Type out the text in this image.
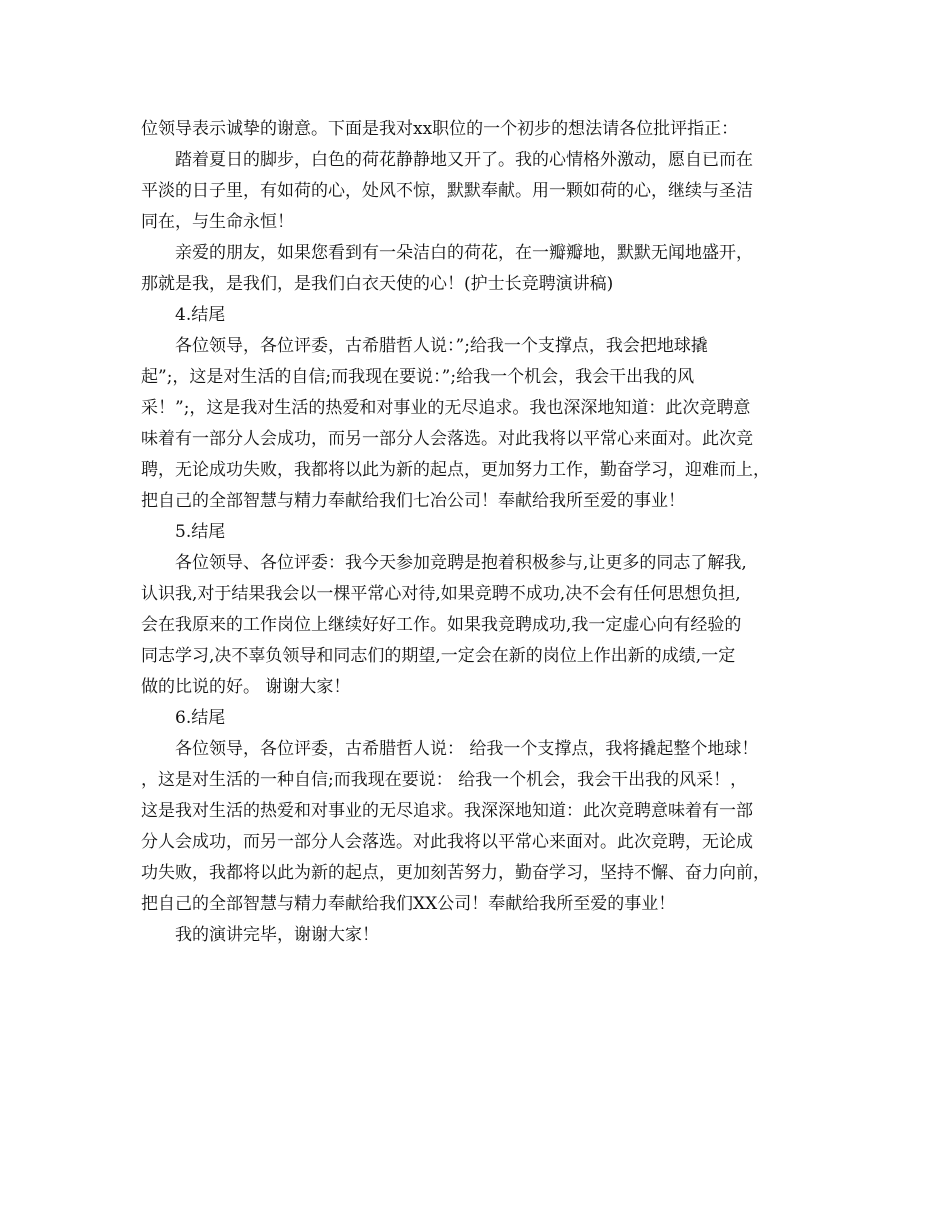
位领导表示诚挚的谢意。下面是我对xx职位的一个初步的想法请各位批评指正：
踏着夏日的脚步，白色的荷花静静地又开了。我的心情格外激动，愿自已而在
平淡的日子里，有如荷的心，处风不惊，默默奉献。用一颗如荷的心，继续与圣洁
同在，与生命永恒！
亲爱的朋友，如果您看到有一朵洁白的荷花，在一瓣瓣地，默默无闻地盛开，
那就是我，是我们，是我们白衣天使的心！(护士长竞聘演讲稿)
4.结尾
各位领导，各位评委，古希腊哲人说：”;给我一个支撑点，我会把地球撬
起”;，这是对生活的自信;而我现在要说：”;给我一个机会，我会干出我的风
采！”;，这是我对生活的热爱和对事业的无尽追求。我也深深地知道：此次竞聘意
味着有一部分人会成功，而另一部分人会落选。对此我将以平常心来面对。此次竞
聘，无论成功失败，我都将以此为新的起点，更加努力工作，勤奋学习，迎难而上，
把自己的全部智慧与精力奉献给我们七冶公司！奉献给我所至爱的事业！
5.结尾
各位领导、各位评委：我今天参加竞聘是抱着积极参与,让更多的同志了解我,
认识我,对于结果我会以一棵平常心对待,如果竞聘不成功,决不会有任何思想负担,
会在我原来的工作岗位上继续好好工作。如果我竞聘成功,我一定虚心向有经验的
同志学习,决不辜负领导和同志们的期望,一定会在新的岗位上作出新的成绩,一定
做的比说的好。 谢谢大家！
6.结尾
各位领导，各位评委，古希腊哲人说： 给我一个支撑点，我将撬起整个地球！
，这是对生活的一种自信;而我现在要说： 给我一个机会，我会干出我的风采！，
这是我对生活的热爱和对事业的无尽追求。我深深地知道：此次竞聘意味着有一部
分人会成功，而另一部分人会落选。对此我将以平常心来面对。此次竞聘，无论成
功失败，我都将以此为新的起点，更加刻苦努力，勤奋学习，坚持不懈、奋力向前，
把自己的全部智慧与精力奉献给我们XX公司！奉献给我所至爱的事业！
我的演讲完毕，谢谢大家！
